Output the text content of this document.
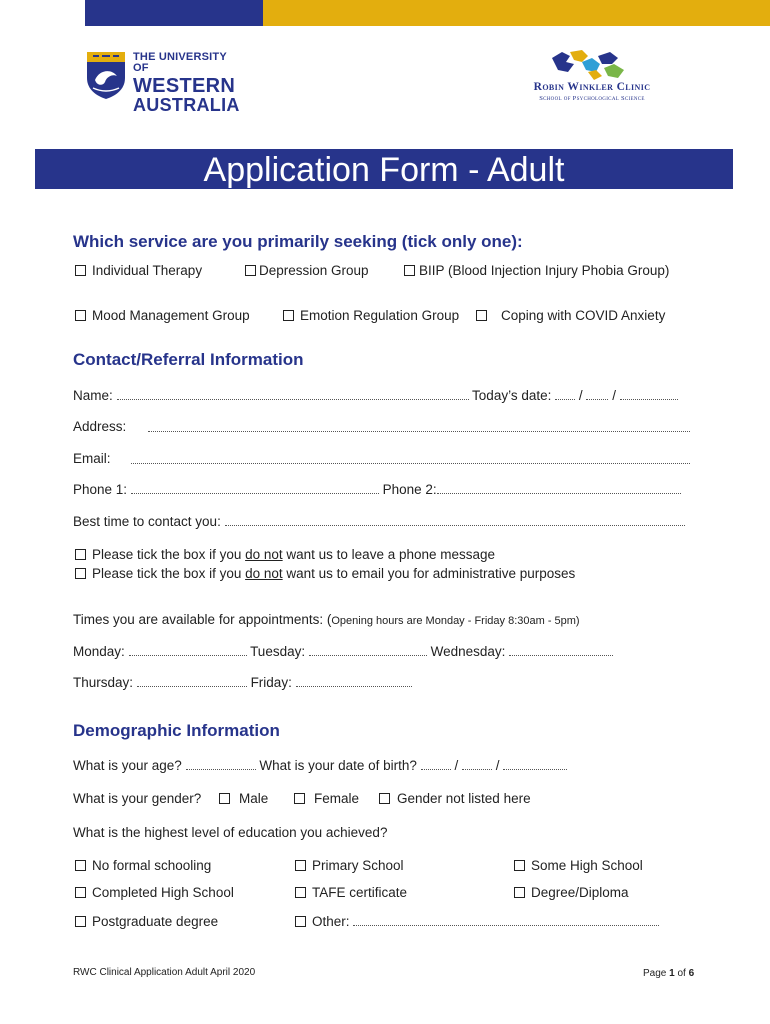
THE UNIVERSITY OF
WESTERN
AUSTRALIA
Robin Winkler Clinic
School of Psychological Science
Application Form - Adult
Which service are you primarily seeking (tick only one):
Individual Therapy	Depression Group	BIIP (Blood Injection Injury Phobia Group)
Mood Management Group	Emotion Regulation Group	Coping with COVID Anxiety
Contact/Referral Information
Name:	Today’s date: / /
Address:
Email:
Phone 1:	Phone 2:
Best time to contact you:
Please tick the box if you do not want us to leave a phone message
Please tick the box if you do not want us to email you for administrative purposes
Times you are available for appointments: (Opening hours are Monday - Friday 8:30am - 5pm)
Monday:	Tuesday:	Wednesday:
Thursday:	Friday:
Demographic Information
What is your age?	What is your date of birth?	/	/
What is your gender?	Male	Female	Gender not listed here
What is the highest level of education you achieved?
No formal schooling	Primary School	Some High School
Completed High School	TAFE certificate	Degree/Diploma
Postgraduate degree	Other:
RWC Clinical Application Adult April 2020	Page 1 of 6
